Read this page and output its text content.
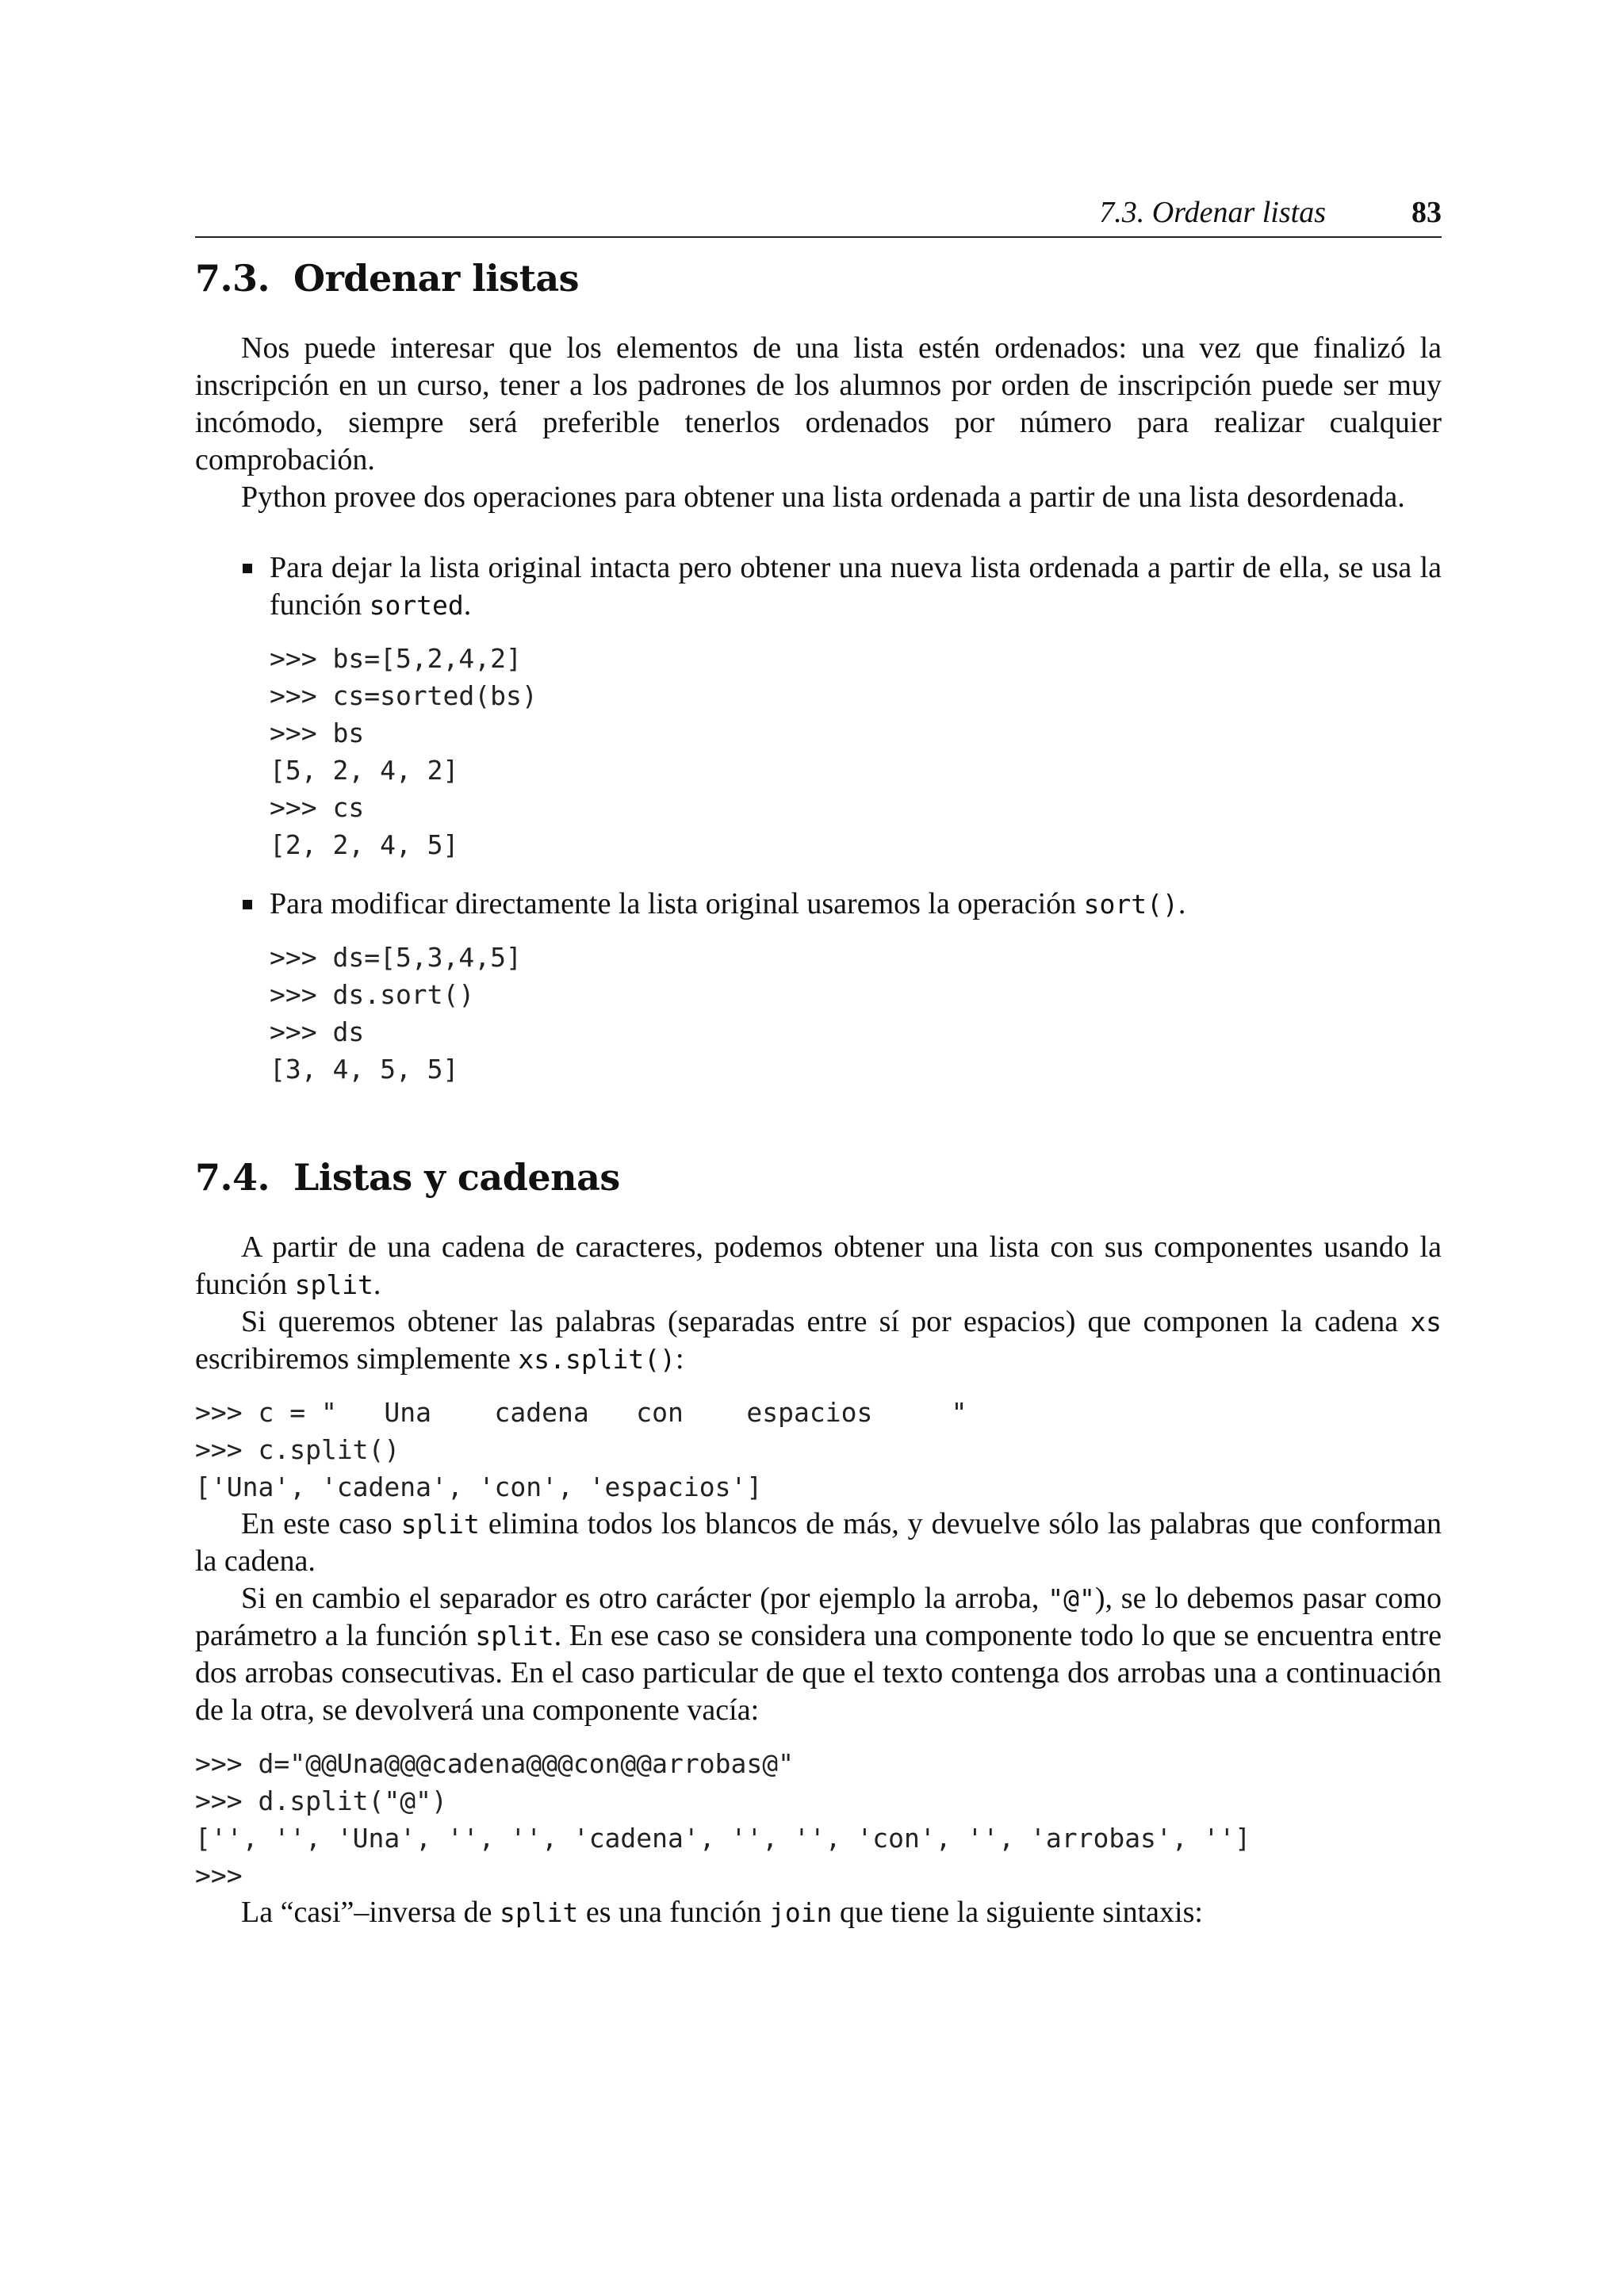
7.3. Ordenar listas	83
7.3. Ordenar listas

Nos puede interesar que los elementos de una lista estén ordenados: una vez que finalizó la inscripción en un curso, tener a los padrones de los alumnos por orden de inscripción puede ser muy incómodo, siempre será preferible tenerlos ordenados por número para realizar cualquier comprobación.

Python provee dos operaciones para obtener una lista ordenada a partir de una lista desordenada.

Para dejar la lista original intacta pero obtener una nueva lista ordenada a partir de ella, se usa la función sorted.
>>> bs=[5,2,4,2]
>>> cs=sorted(bs)
>>> bs
[5, 2, 4, 2]
>>> cs
[2, 2, 4, 5]
Para modificar directamente la lista original usaremos la operación sort().
>>> ds=[5,3,4,5]
>>> ds.sort()
>>> ds
[3, 4, 5, 5]
7.4. Listas y cadenas

A partir de una cadena de caracteres, podemos obtener una lista con sus componentes usando la función split.

Si queremos obtener las palabras (separadas entre sí por espacios) que componen la cadena xs escribiremos simplemente xs.split():

>>> c = "   Una    cadena   con    espacios     "
>>> c.split()
['Una', 'cadena', 'con', 'espacios']

En este caso split elimina todos los blancos de más, y devuelve sólo las palabras que conforman la cadena.

Si en cambio el separador es otro carácter (por ejemplo la arroba, "@"), se lo debemos pasar como parámetro a la función split. En ese caso se considera una componente todo lo que se encuentra entre dos arrobas consecutivas. En el caso particular de que el texto contenga dos arrobas una a continuación de la otra, se devolverá una componente vacía:

>>> d="@@Una@@@cadena@@@con@@arrobas@"
>>> d.split("@")
['', '', 'Una', '', '', 'cadena', '', '', 'con', '', 'arrobas', '']
>>>

La “casi”–inversa de split es una función join que tiene la siguiente sintaxis:
